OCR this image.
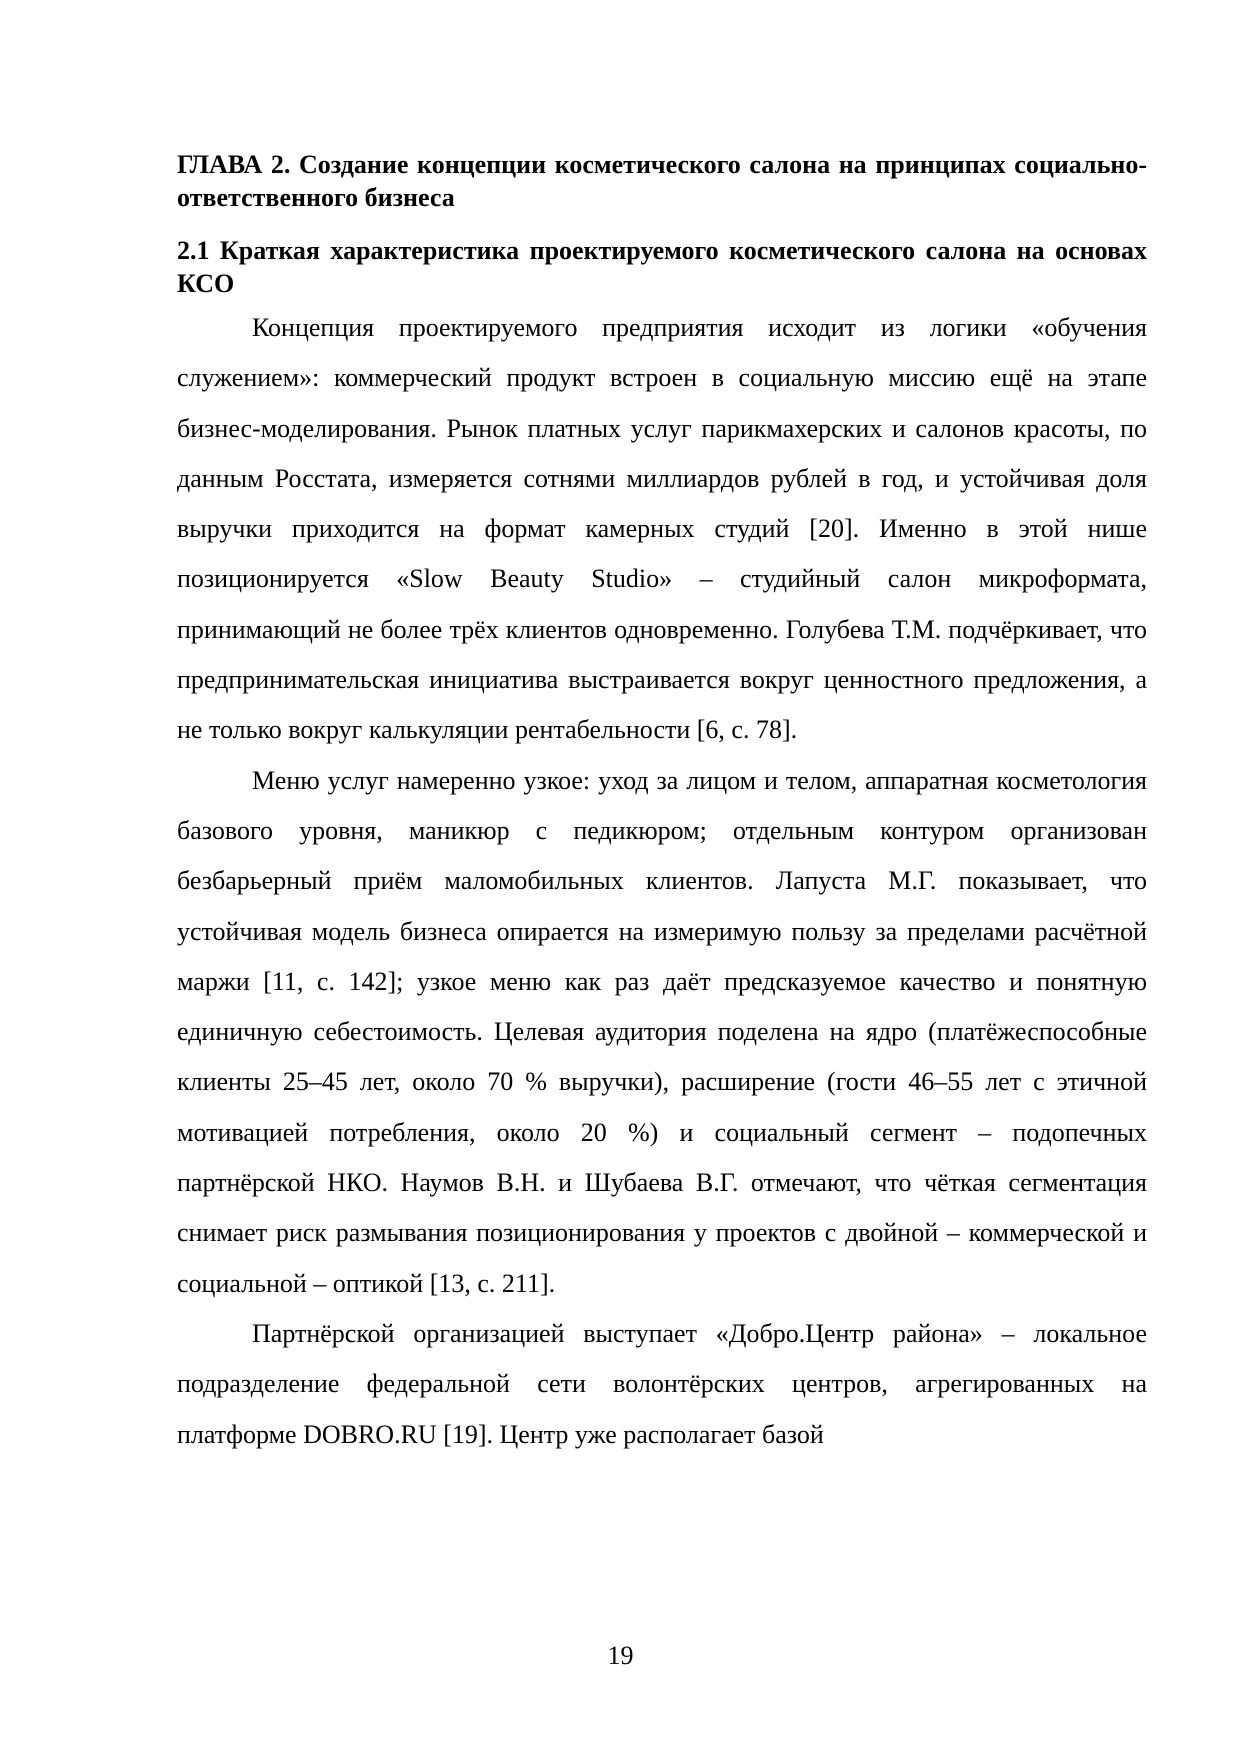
ГЛАВА 2. Создание концепции косметического салона на принципах социально-ответственного бизнеса
2.1 Краткая характеристика проектируемого косметического салона на основах КСО

Концепция проектируемого предприятия исходит из логики «обучения служением»: коммерческий продукт встроен в социальную миссию ещё на этапе бизнес-моделирования. Рынок платных услуг парикмахерских и салонов красоты, по данным Росстата, измеряется сотнями миллиардов рублей в год, и устойчивая доля выручки приходится на формат камерных студий [20]. Именно в этой нише позиционируется «Slow Beauty Studio» – студийный салон микроформата, принимающий не более трёх клиентов одновременно. Голубева Т.М. подчёркивает, что предпринимательская инициатива выстраивается вокруг ценностного предложения, а не только вокруг калькуляции рентабельности [6, с. 78].

Меню услуг намеренно узкое: уход за лицом и телом, аппаратная косметология базового уровня, маникюр с педикюром; отдельным контуром организован безбарьерный приём маломобильных клиентов. Лапуста М.Г. показывает, что устойчивая модель бизнеса опирается на измеримую пользу за пределами расчётной маржи [11, с. 142]; узкое меню как раз даёт предсказуемое качество и понятную единичную себестоимость. Целевая аудитория поделена на ядро (платёжеспособные клиенты 25–45 лет, около 70 % выручки), расширение (гости 46–55 лет с этичной мотивацией потребления, около 20 %) и социальный сегмент – подопечных партнёрской НКО. Наумов В.Н. и Шубаева В.Г. отмечают, что чёткая сегментация снимает риск размывания позиционирования у проектов с двойной – коммерческой и социальной – оптикой [13, с. 211].

Партнёрской организацией выступает «Добро.Центр района» – локальное подразделение федеральной сети волонтёрских центров, агрегированных на платформе DOBRO.RU [19]. Центр уже располагает базой

19
